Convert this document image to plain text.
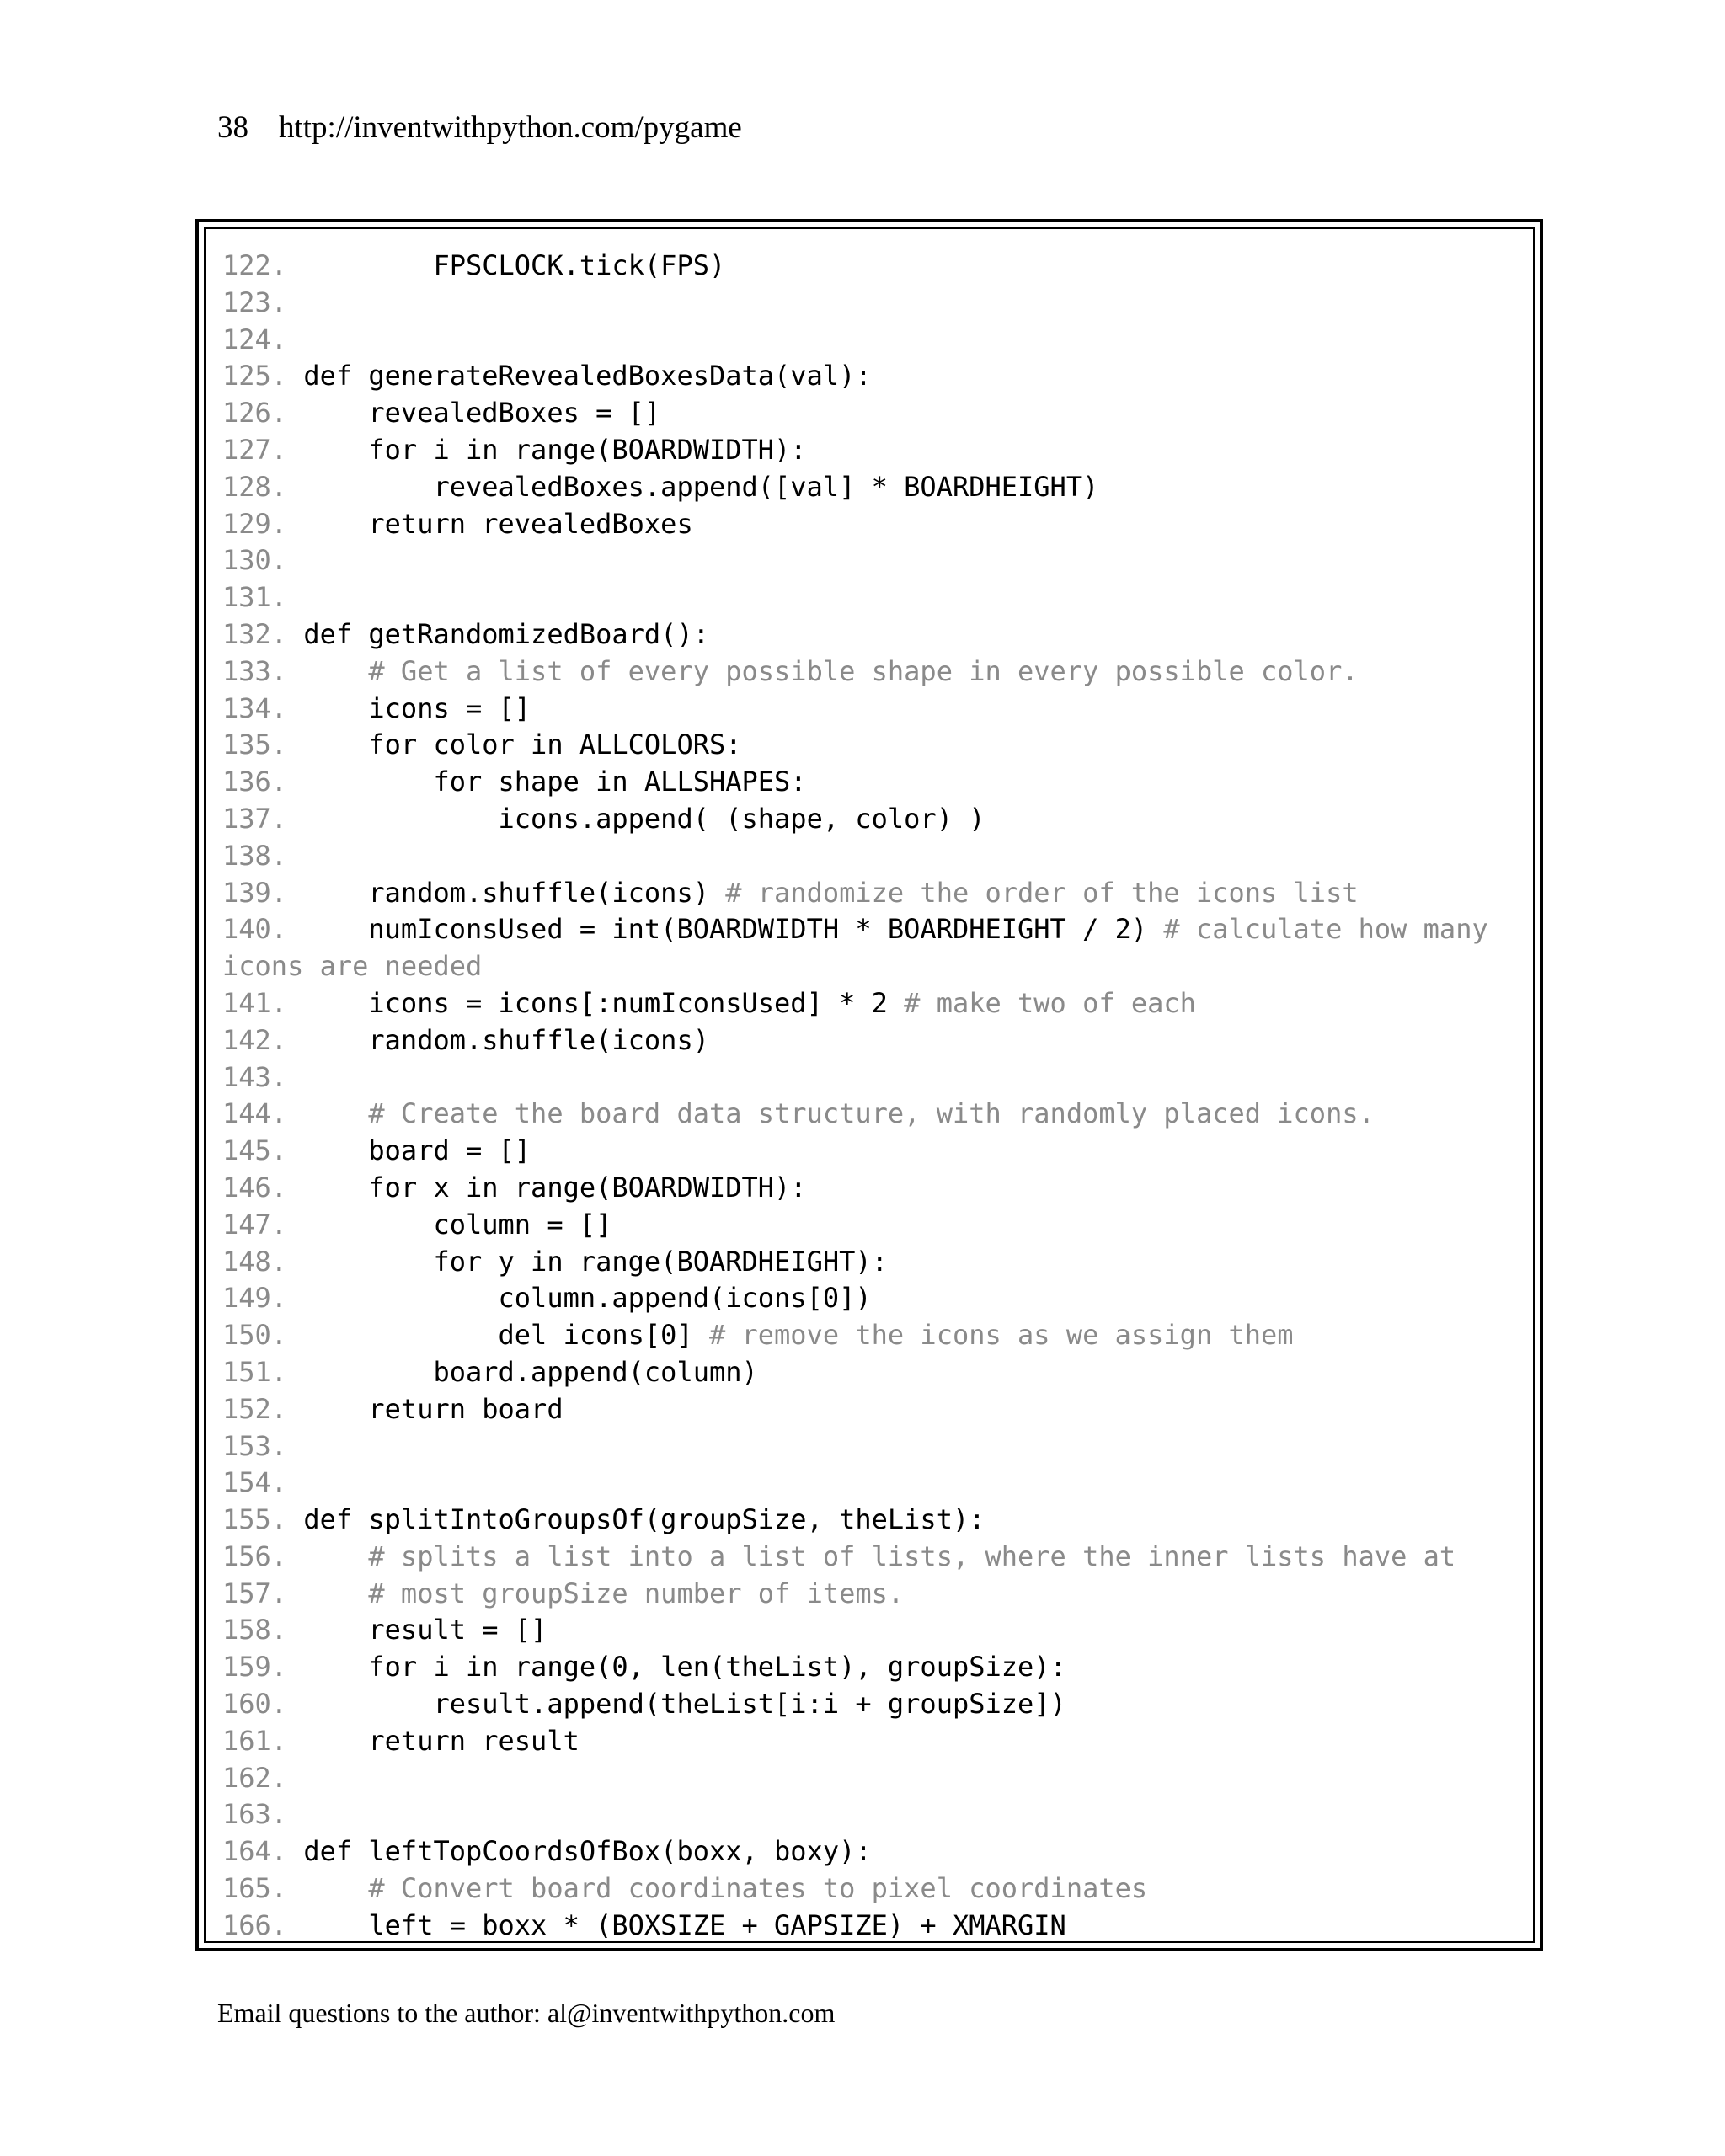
38 http://inventwithpython.com/pygame
122.         FPSCLOCK.tick(FPS)
123.
124.
125. def generateRevealedBoxesData(val):
126.     revealedBoxes = []
127.     for i in range(BOARDWIDTH):
128.         revealedBoxes.append([val] * BOARDHEIGHT)
129.     return revealedBoxes
130.
131.
132. def getRandomizedBoard():
133.	# Get a list of every possible shape in every possible color.
134.     icons = []
135.     for color in ALLCOLORS:
136.         for shape in ALLSHAPES:
137.             icons.append( (shape, color) )
138.
139.     random.shuffle(icons) # randomize the order of the icons list
140.     numIconsUsed = int(BOARDWIDTH * BOARDHEIGHT / 2) # calculate how many
icons are needed
141.     icons = icons[:numIconsUsed] * 2 # make two of each
142.     random.shuffle(icons)
143.
144.	# Create the board data structure, with randomly placed icons.
145.     board = []
146.     for x in range(BOARDWIDTH):
147.         column = []
148.         for y in range(BOARDHEIGHT):
149.             column.append(icons[0])
150.             del icons[0] # remove the icons as we assign them
151.         board.append(column)
152.     return board
153.
154.
155. def splitIntoGroupsOf(groupSize, theList):
156.	# splits a list into a list of lists, where the inner lists have at
157.	# most groupSize number of items.
158.     result = []
159.     for i in range(0, len(theList), groupSize):
160.         result.append(theList[i:i + groupSize])
161.     return result
162.
163.
164. def leftTopCoordsOfBox(boxx, boxy):
165.	# Convert board coordinates to pixel coordinates
166.     left = boxx * (BOXSIZE + GAPSIZE) + XMARGIN
Email questions to the author: al@inventwithpython.com
